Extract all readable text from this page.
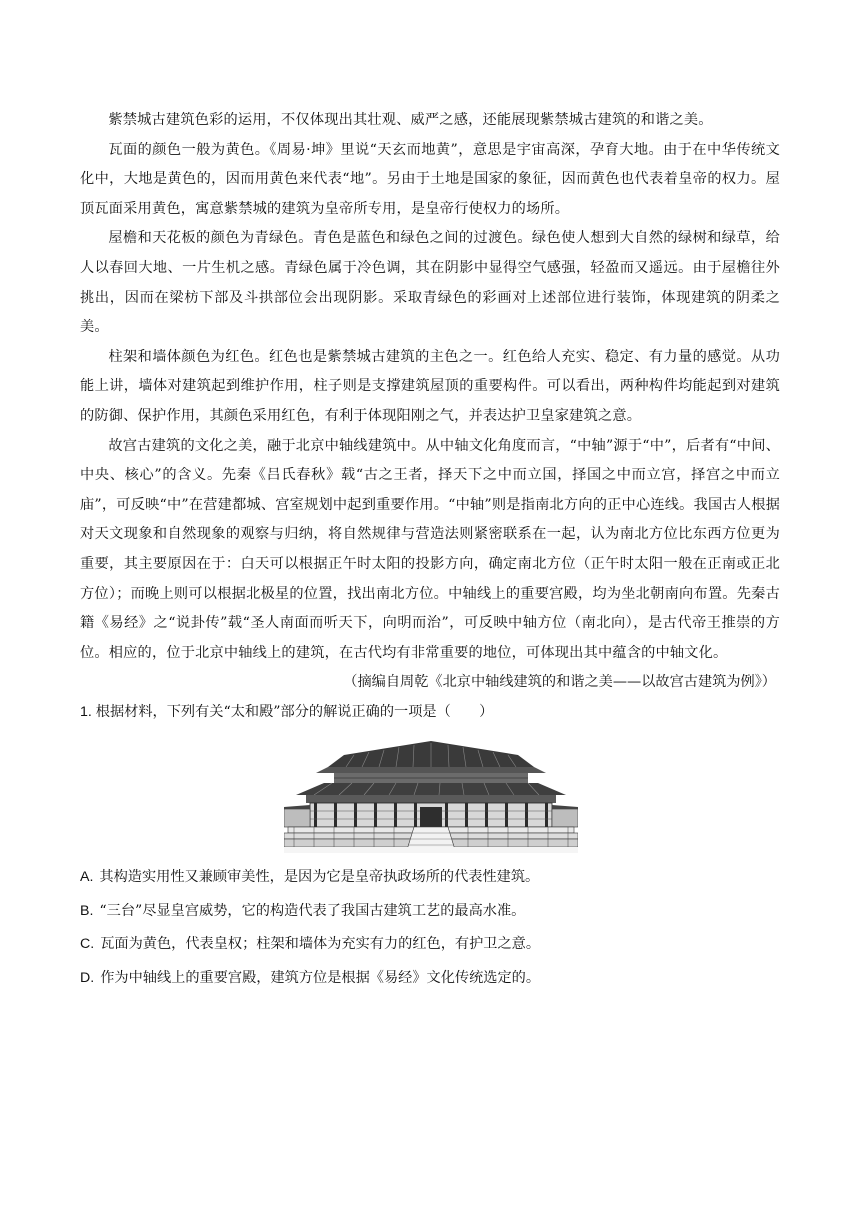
紫禁城古建筑色彩的运用，不仅体现出其壮观、威严之感，还能展现紫禁城古建筑的和谐之美。

瓦面的颜色一般为黄色。《周易·坤》里说“天玄而地黄”，意思是宇宙高深，孕育大地。由于在中华传统文化中，大地是黄色的，因而用黄色来代表“地”。另由于土地是国家的象征，因而黄色也代表着皇帝的权力。屋顶瓦面采用黄色，寓意紫禁城的建筑为皇帝所专用，是皇帝行使权力的场所。

屋檐和天花板的颜色为青绿色。青色是蓝色和绿色之间的过渡色。绿色使人想到大自然的绿树和绿草，给人以春回大地、一片生机之感。青绿色属于冷色调，其在阴影中显得空气感强，轻盈而又遥远。由于屋檐往外挑出，因而在梁枋下部及斗拱部位会出现阴影。采取青绿色的彩画对上述部位进行装饰，体现建筑的阴柔之美。

柱架和墙体颜色为红色。红色也是紫禁城古建筑的主色之一。红色给人充实、稳定、有力量的感觉。从功能上讲，墙体对建筑起到维护作用，柱子则是支撑建筑屋顶的重要构件。可以看出，两种构件均能起到对建筑的防御、保护作用，其颜色采用红色，有利于体现阳刚之气，并表达护卫皇家建筑之意。

故宫古建筑的文化之美，融于北京中轴线建筑中。从中轴文化角度而言，“中轴”源于“中”，后者有“中间、中央、核心”的含义。先秦《吕氏春秋》载“古之王者，择天下之中而立国，择国之中而立宫，择宫之中而立庙”，可反映“中”在营建都城、宫室规划中起到重要作用。“中轴”则是指南北方向的正中心连线。我国古人根据对天文现象和自然现象的观察与归纳，将自然规律与营造法则紧密联系在一起，认为南北方位比东西方位更为重要，其主要原因在于：白天可以根据正午时太阳的投影方向，确定南北方位（正午时太阳一般在正南或正北方位）；而晚上则可以根据北极星的位置，找出南北方位。中轴线上的重要宫殿，均为坐北朝南向布置。先秦古籍《易经》之“说卦传”载“圣人南面而听天下，向明而治”，可反映中轴方位（南北向），是古代帝王推崇的方位。相应的，位于北京中轴线上的建筑，在古代均有非常重要的地位，可体现出其中蕴含的中轴文化。

（摘编自周乾《北京中轴线建筑的和谐之美——以故宫古建筑为例》）

1. 根据材料，下列有关“太和殿”部分的解说正确的一项是（　　）

A. 其构造实用性又兼顾审美性，是因为它是皇帝执政场所的代表性建筑。

B. “三台”尽显皇宫威势，它的构造代表了我国古建筑工艺的最高水准。

C. 瓦面为黄色，代表皇权；柱架和墙体为充实有力的红色，有护卫之意。

D. 作为中轴线上的重要宫殿，建筑方位是根据《易经》文化传统选定的。
